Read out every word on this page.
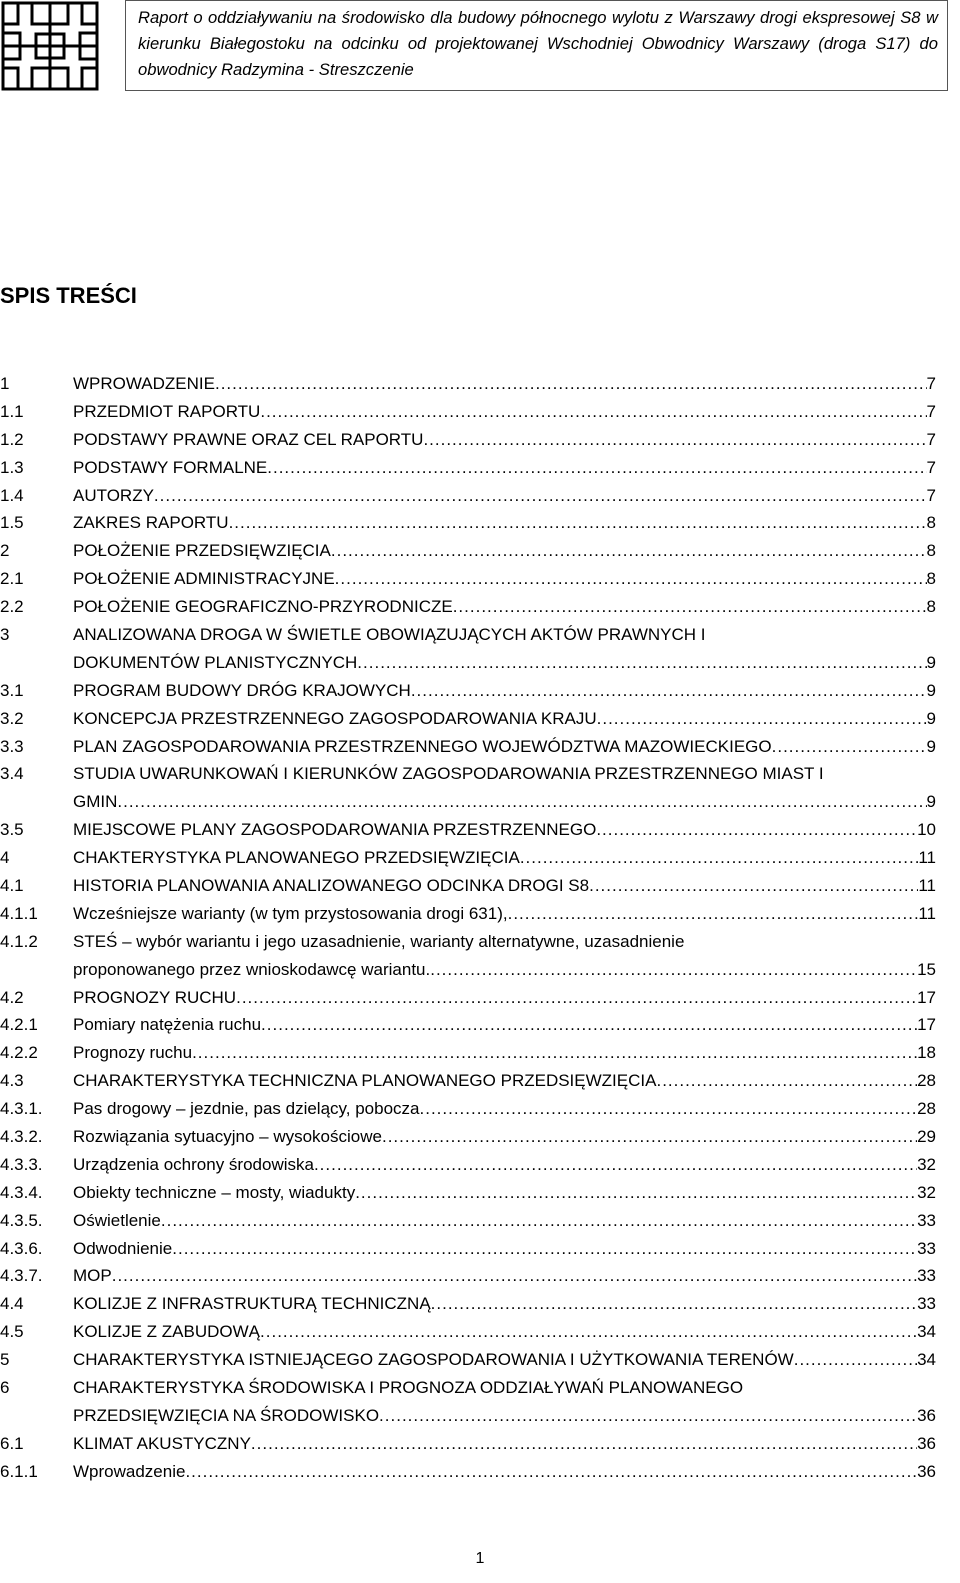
Raport o oddziaływaniu na środowisko dla budowy północnego wylotu z Warszawy drogi ekspresowej S8 w kierunku Białegostoku na odcinku od projektowanej Wschodniej Obwodnicy Warszawy (droga S17) do obwodnicy Radzymina - Streszczenie
SPIS TREŚCI
1	WPROWADZENIE .....	7
1.1	PRZEDMIOT RAPORTU .....	7
1.2	PODSTAWY PRAWNE ORAZ CEL RAPORTU .....	7
1.3	PODSTAWY FORMALNE .....	7
1.4	AUTORZY .....	7
1.5	ZAKRES RAPORTU .....	8
2	POŁOŻENIE PRZEDSIĘWZIĘCIA .....	8
2.1	POŁOŻENIE ADMINISTRACYJNE .....	8
2.2	POŁOŻENIE GEOGRAFICZNO-PRZYRODNICZE .....	8
3	ANALIZOWANA DROGA W ŚWIETLE OBOWIĄZUJĄCYCH AKTÓW PRAWNYCH I
DOKUMENTÓW PLANISTYCZNYCH .....	9
3.1	PROGRAM BUDOWY DRÓG KRAJOWYCH .....	9
3.2	KONCEPCJA PRZESTRZENNEGO ZAGOSPODAROWANIA KRAJU .....	9
3.3	PLAN ZAGOSPODAROWANIA PRZESTRZENNEGO WOJEWÓDZTWA MAZOWIECKIEGO .....	9
3.4	STUDIA UWARUNKOWAŃ I KIERUNKÓW ZAGOSPODAROWANIA PRZESTRZENNEGO MIAST I
GMIN .....	9
3.5	MIEJSCOWE PLANY ZAGOSPODAROWANIA PRZESTRZENNEGO .....	10
4	CHAKTERYSTYKA PLANOWANEGO PRZEDSIĘWZIĘCIA .....	11
4.1	HISTORIA PLANOWANIA ANALIZOWANEGO ODCINKA DROGI S8 .....	11
4.1.1	Wcześniejsze warianty (w tym przystosowania drogi 631), .....	11
4.1.2	STEŚ – wybór wariantu i jego uzasadnienie, warianty alternatywne, uzasadnienie
proponowanego przez wnioskodawcę wariantu. .....	15
4.2	PROGNOZY RUCHU .....	17
4.2.1	Pomiary natężenia ruchu .....	17
4.2.2	Prognozy ruchu .....	18
4.3	CHARAKTERYSTYKA TECHNICZNA PLANOWANEGO PRZEDSIĘWZIĘCIA .....	28
4.3.1.	Pas drogowy – jezdnie, pas dzielący, pobocza .....	28
4.3.2.	Rozwiązania sytuacyjno – wysokościowe .....	29
4.3.3.	Urządzenia ochrony środowiska .....	32
4.3.4.	Obiekty techniczne – mosty, wiadukty .....	32
4.3.5.	Oświetlenie .....	33
4.3.6.	Odwodnienie .....	33
4.3.7.	MOP .....	33
4.4	KOLIZJE Z INFRASTRUKTURĄ TECHNICZNĄ .....	33
4.5	KOLIZJE Z ZABUDOWĄ .....	34
5	CHARAKTERYSTYKA ISTNIEJĄCEGO ZAGOSPODAROWANIA I UŻYTKOWANIA TERENÓW .....	34
6	CHARAKTERYSTYKA ŚRODOWISKA I PROGNOZA ODDZIAŁYWAŃ PLANOWANEGO
PRZEDSIĘWZIĘCIA NA ŚRODOWISKO .....	36
6.1	KLIMAT AKUSTYCZNY .....	36
6.1.1	Wprowadzenie .....	36
1
